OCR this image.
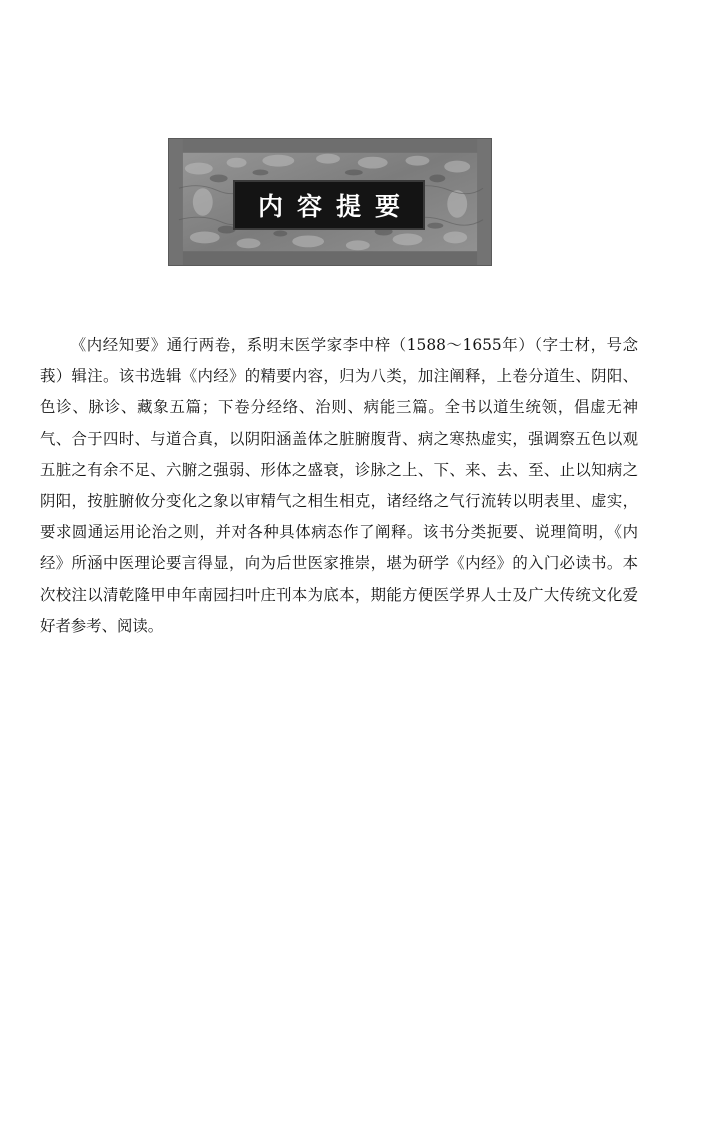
内容提要

《内经知要》通行两卷，系明末医学家李中梓（1588～1655年）（字士材，号念莪）辑注。该书选辑《内经》的精要内容，归为八类，加注阐释，上卷分道生、阴阳、色诊、脉诊、藏象五篇；下卷分经络、治则、病能三篇。全书以道生统领，倡虚无神气、合于四时、与道合真，以阴阳涵盖体之脏腑腹背、病之寒热虚实，强调察五色以观五脏之有余不足、六腑之强弱、形体之盛衰，诊脉之上、下、来、去、至、止以知病之阴阳，按脏腑攸分变化之象以审精气之相生相克，诸经络之气行流转以明表里、虚实，要求圆通运用论治之则，并对各种具体病态作了阐释。该书分类扼要、说理简明，《内经》所涵中医理论要言得显，向为后世医家推崇，堪为研学《内经》的入门必读书。本次校注以清乾隆甲申年南园扫叶庄刊本为底本，期能方便医学界人士及广大传统文化爱好者参考、阅读。
